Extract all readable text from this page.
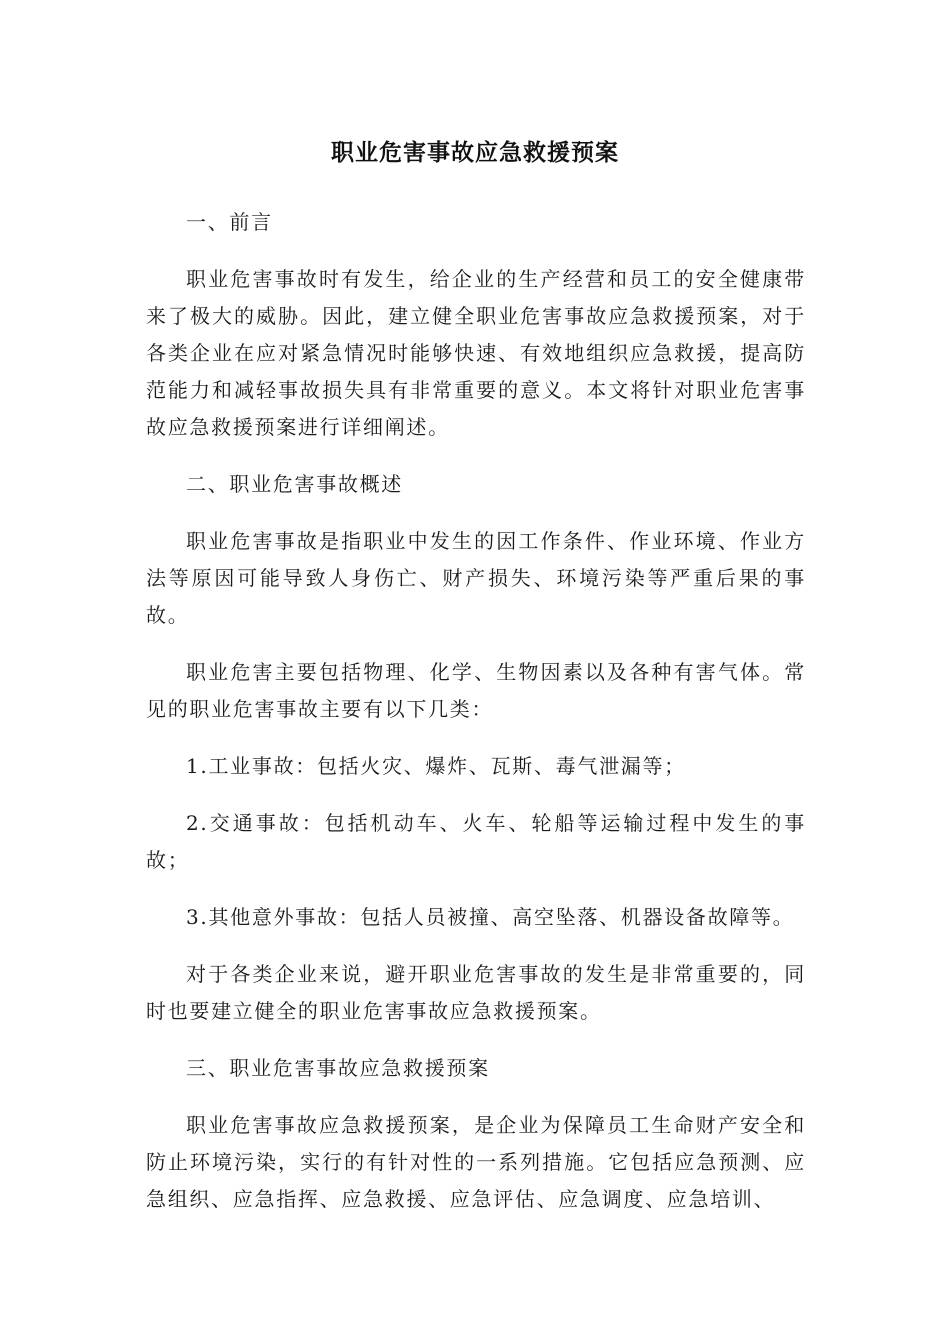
职业危害事故应急救援预案

一、前言

职业危害事故时有发生，给企业的生产经营和员工的安全健康带来了极大的威胁。因此，建立健全职业危害事故应急救援预案，对于各类企业在应对紧急情况时能够快速、有效地组织应急救援，提高防范能力和减轻事故损失具有非常重要的意义。本文将针对职业危害事故应急救援预案进行详细阐述。

二、职业危害事故概述

职业危害事故是指职业中发生的因工作条件、作业环境、作业方法等原因可能导致人身伤亡、财产损失、环境污染等严重后果的事故。

职业危害主要包括物理、化学、生物因素以及各种有害气体。常见的职业危害事故主要有以下几类：

1.工业事故：包括火灾、爆炸、瓦斯、毒气泄漏等；

2.交通事故：包括机动车、火车、轮船等运输过程中发生的事故；

3.其他意外事故：包括人员被撞、高空坠落、机器设备故障等。

对于各类企业来说，避开职业危害事故的发生是非常重要的，同时也要建立健全的职业危害事故应急救援预案。

三、职业危害事故应急救援预案

职业危害事故应急救援预案，是企业为保障员工生命财产安全和防止环境污染，实行的有针对性的一系列措施。它包括应急预测、应急组织、应急指挥、应急救援、应急评估、应急调度、应急培训、
